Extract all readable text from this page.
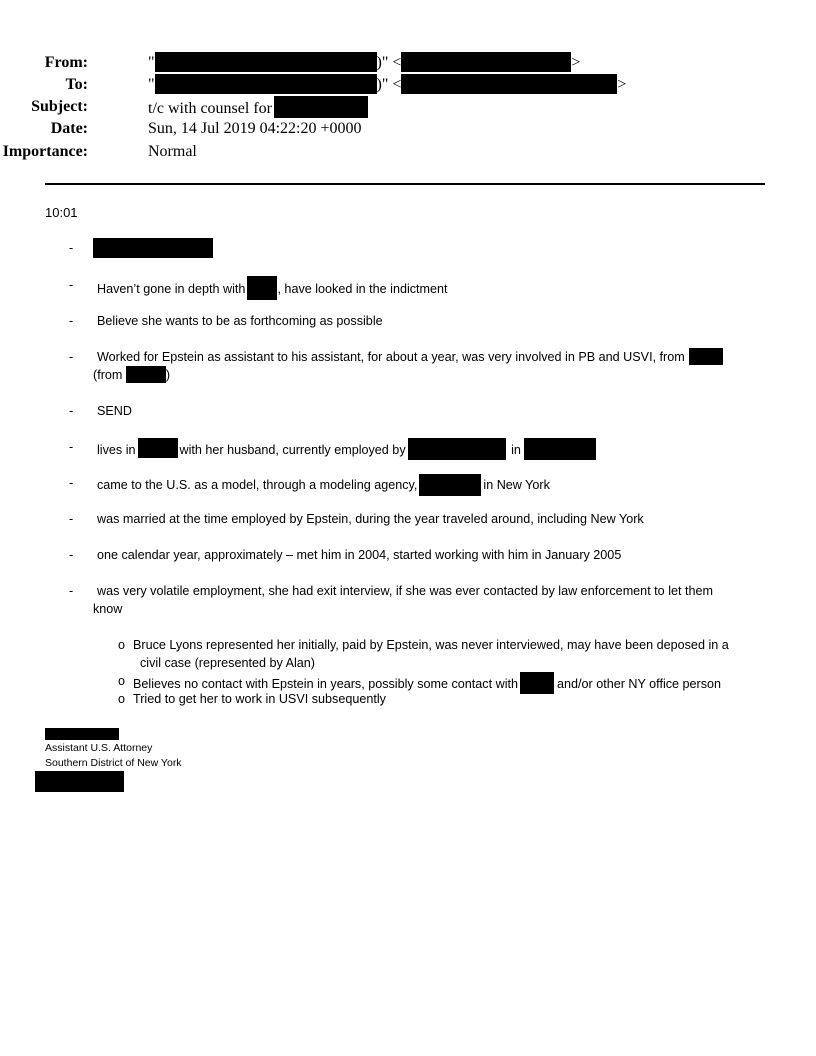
From:	"	)" <	>
To:	"	)" <	>
Subject:	t/c with counsel for
Date:	Sun, 14 Jul 2019 04:22:20 +0000
Importance:	Normal
10:01
-
- Haven’t gone in depth with	, have looked in the indictment
- Believe she wants to be as forthcoming as possible
- Worked for Epstein as assistant to his assistant, for about a year, was very involved in PB and USVI, from
(from	)
- SEND
- lives in	with her husband, currently employed by	in
- came to the U.S. as a model, through a modeling agency,	in New York
- was married at the time employed by Epstein, during the year traveled around, including New York
- one calendar year, approximately – met him in 2004, started working with him in January 2005
- was very volatile employment, she had exit interview, if she was ever contacted by law enforcement to let them
know
o Bruce Lyons represented her initially, paid by Epstein, was never interviewed, may have been deposed in a
civil case (represented by Alan)
o Believes no contact with Epstein in years, possibly some contact with	and/or other NY office person
o Tried to get her to work in USVI subsequently
Assistant U.S. Attorney
Southern District of New York
